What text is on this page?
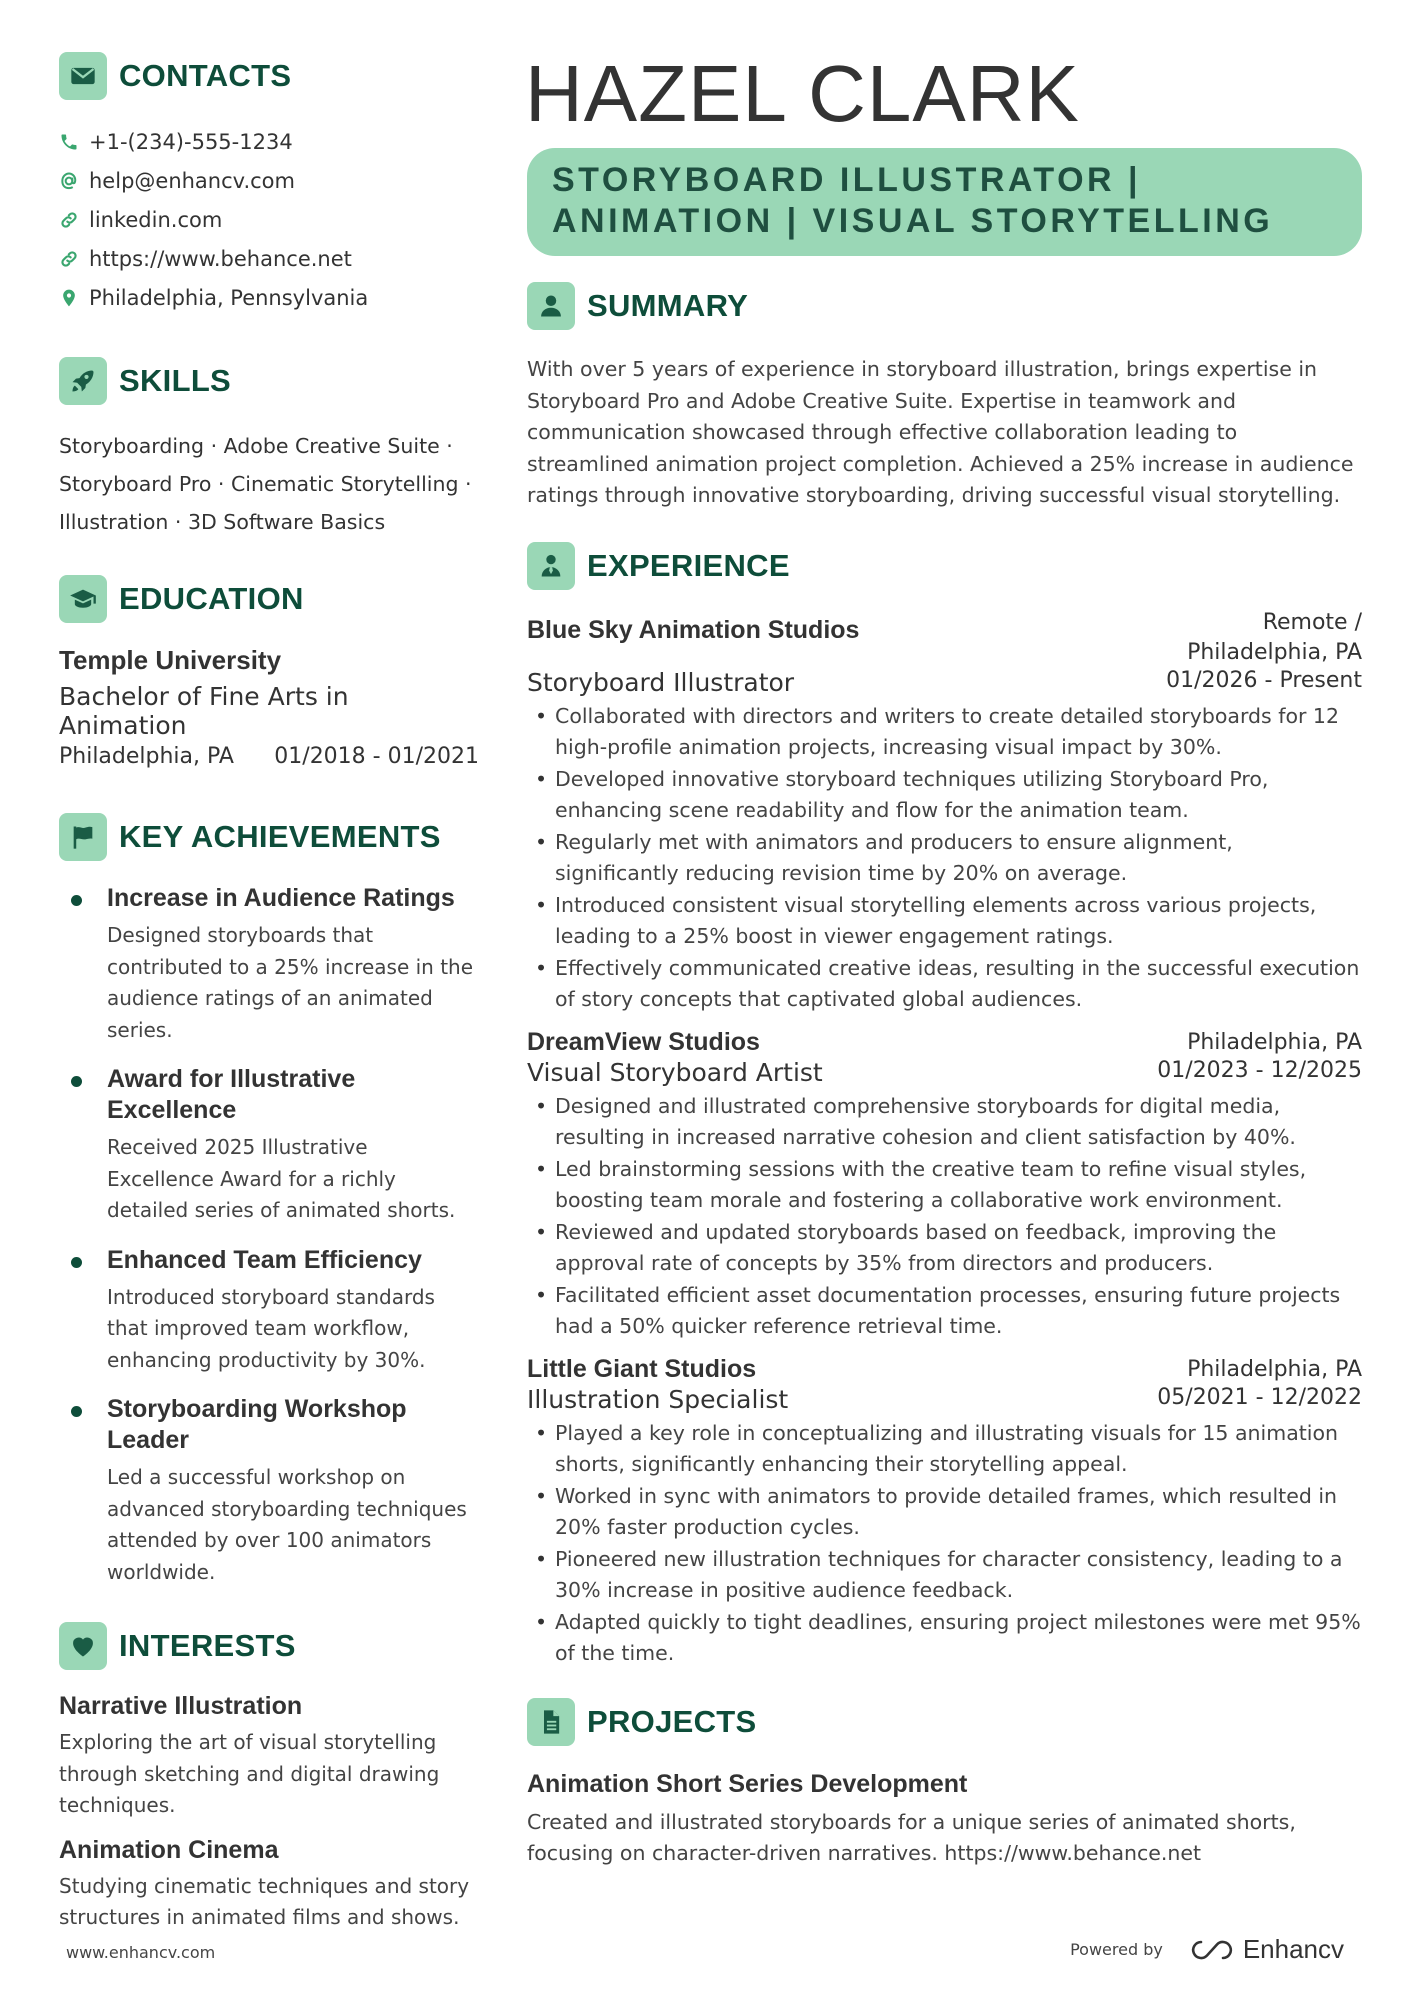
CONTACTS
+1-(234)-555-1234
help@enhancv.com
linkedin.com
https://www.behance.net
Philadelphia, Pennsylvania
SKILLS
Storyboarding · Adobe Creative Suite · Storyboard Pro · Cinematic Storytelling · Illustration · 3D Software Basics
EDUCATION
Temple University
Bachelor of Fine Arts in Animation
Philadelphia, PA 01/2018 - 01/2021
KEY ACHIEVEMENTS
Increase in Audience Ratings
Designed storyboards that contributed to a 25% increase in the audience ratings of an animated series.
Award for Illustrative Excellence
Received 2025 Illustrative Excellence Award for a richly detailed series of animated shorts.
Enhanced Team Efficiency
Introduced storyboard standards that improved team workflow, enhancing productivity by 30%.
Storyboarding Workshop Leader
Led a successful workshop on advanced storyboarding techniques attended by over 100 animators worldwide.
INTERESTS
Narrative Illustration
Exploring the art of visual storytelling through sketching and digital drawing techniques.
Animation Cinema
Studying cinematic techniques and story structures in animated films and shows.
HAZEL CLARK
STORYBOARD ILLUSTRATOR | ANIMATION | VISUAL STORYTELLING
SUMMARY
With over 5 years of experience in storyboard illustration, brings expertise in Storyboard Pro and Adobe Creative Suite. Expertise in teamwork and communication showcased through effective collaboration leading to streamlined animation project completion. Achieved a 25% increase in audience ratings through innovative storyboarding, driving successful visual storytelling.
EXPERIENCE
Blue Sky Animation Studios	Remote / Philadelphia, PA
Storyboard Illustrator	01/2026 - Present
• Collaborated with directors and writers to create detailed storyboards for 12 high-profile animation projects, increasing visual impact by 30%.
• Developed innovative storyboard techniques utilizing Storyboard Pro, enhancing scene readability and flow for the animation team.
• Regularly met with animators and producers to ensure alignment, significantly reducing revision time by 20% on average.
• Introduced consistent visual storytelling elements across various projects, leading to a 25% boost in viewer engagement ratings.
• Effectively communicated creative ideas, resulting in the successful execution of story concepts that captivated global audiences.
DreamView Studios	Philadelphia, PA
Visual Storyboard Artist	01/2023 - 12/2025
• Designed and illustrated comprehensive storyboards for digital media, resulting in increased narrative cohesion and client satisfaction by 40%.
• Led brainstorming sessions with the creative team to refine visual styles, boosting team morale and fostering a collaborative work environment.
• Reviewed and updated storyboards based on feedback, improving the approval rate of concepts by 35% from directors and producers.
• Facilitated efficient asset documentation processes, ensuring future projects had a 50% quicker reference retrieval time.
Little Giant Studios	Philadelphia, PA
Illustration Specialist	05/2021 - 12/2022
• Played a key role in conceptualizing and illustrating visuals for 15 animation shorts, significantly enhancing their storytelling appeal.
• Worked in sync with animators to provide detailed frames, which resulted in 20% faster production cycles.
• Pioneered new illustration techniques for character consistency, leading to a 30% increase in positive audience feedback.
• Adapted quickly to tight deadlines, ensuring project milestones were met 95% of the time.
PROJECTS
Animation Short Series Development
Created and illustrated storyboards for a unique series of animated shorts, focusing on character-driven narratives. https://www.behance.net
www.enhancv.com	Powered by	Enhancv
